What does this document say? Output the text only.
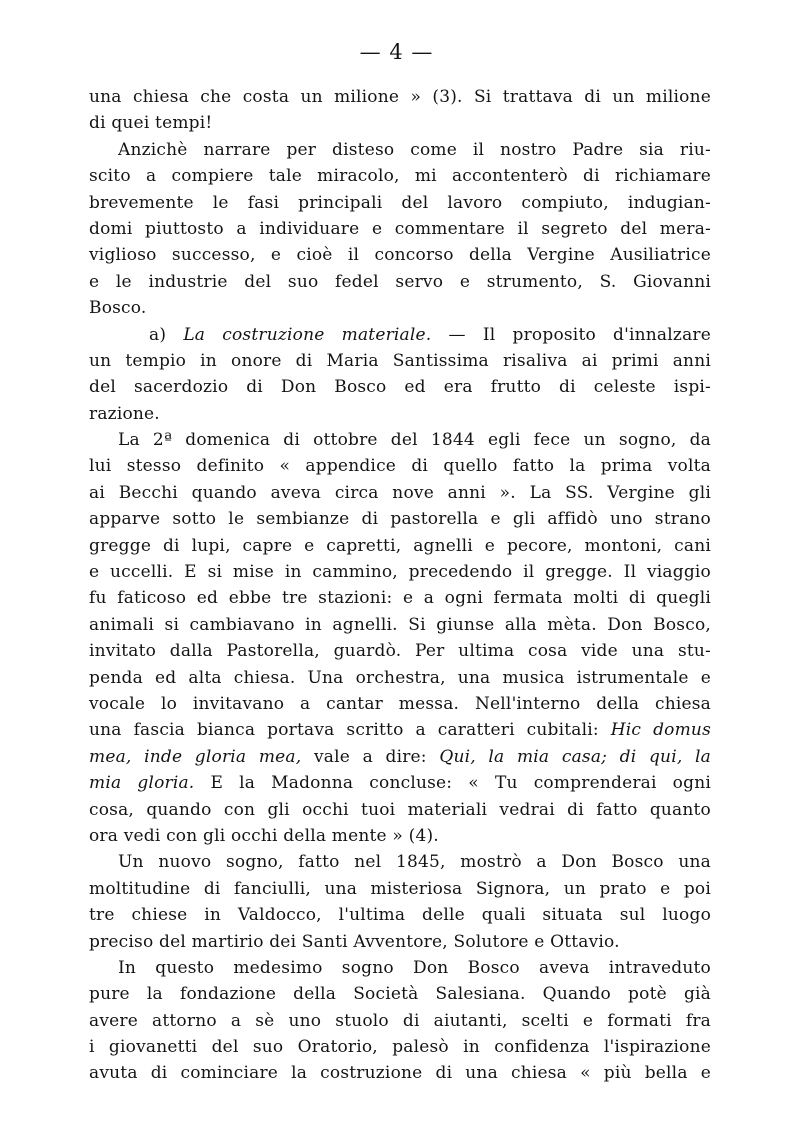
— 4 —
una chiesa che costa un milione » (3). Si trattava di un milione
di quei tempi!
Anzichè narrare per disteso come il nostro Padre sia riu-
scito a compiere tale miracolo, mi accontenterò di richiamare
brevemente le fasi principali del lavoro compiuto, indugian-
domi piuttosto a individuare e commentare il segreto del mera-
viglioso successo, e cioè il concorso della Vergine Ausiliatrice
e le industrie del suo fedel servo e strumento, S. Giovanni
Bosco.
a) La costruzione materiale. — Il proposito d'innalzare
un tempio in onore di Maria Santissima risaliva ai primi anni
del sacerdozio di Don Bosco ed era frutto di celeste ispi-
razione.
La 2ª domenica di ottobre del 1844 egli fece un sogno, da
lui stesso definito « appendice di quello fatto la prima volta
ai Becchi quando aveva circa nove anni ». La SS. Vergine gli
apparve sotto le sembianze di pastorella e gli affidò uno strano
gregge di lupi, capre e capretti, agnelli e pecore, montoni, cani
e uccelli. E si mise in cammino, precedendo il gregge. Il viaggio
fu faticoso ed ebbe tre stazioni: e a ogni fermata molti di quegli
animali si cambiavano in agnelli. Si giunse alla mèta. Don Bosco,
invitato dalla Pastorella, guardò. Per ultima cosa vide una stu-
penda ed alta chiesa. Una orchestra, una musica istrumentale e
vocale lo invitavano a cantar messa. Nell'interno della chiesa
una fascia bianca portava scritto a caratteri cubitali: Hic domus
mea, inde gloria mea, vale a dire: Qui, la mia casa; di qui, la
mia gloria. E la Madonna concluse: « Tu comprenderai ogni
cosa, quando con gli occhi tuoi materiali vedrai di fatto quanto
ora vedi con gli occhi della mente » (4).
Un nuovo sogno, fatto nel 1845, mostrò a Don Bosco una
moltitudine di fanciulli, una misteriosa Signora, un prato e poi
tre chiese in Valdocco, l'ultima delle quali situata sul luogo
preciso del martirio dei Santi Avventore, Solutore e Ottavio.
In questo medesimo sogno Don Bosco aveva intraveduto
pure la fondazione della Società Salesiana. Quando potè già
avere attorno a sè uno stuolo di aiutanti, scelti e formati fra
i giovanetti del suo Oratorio, palesò in confidenza l'ispirazione
avuta di cominciare la costruzione di una chiesa « più bella e
